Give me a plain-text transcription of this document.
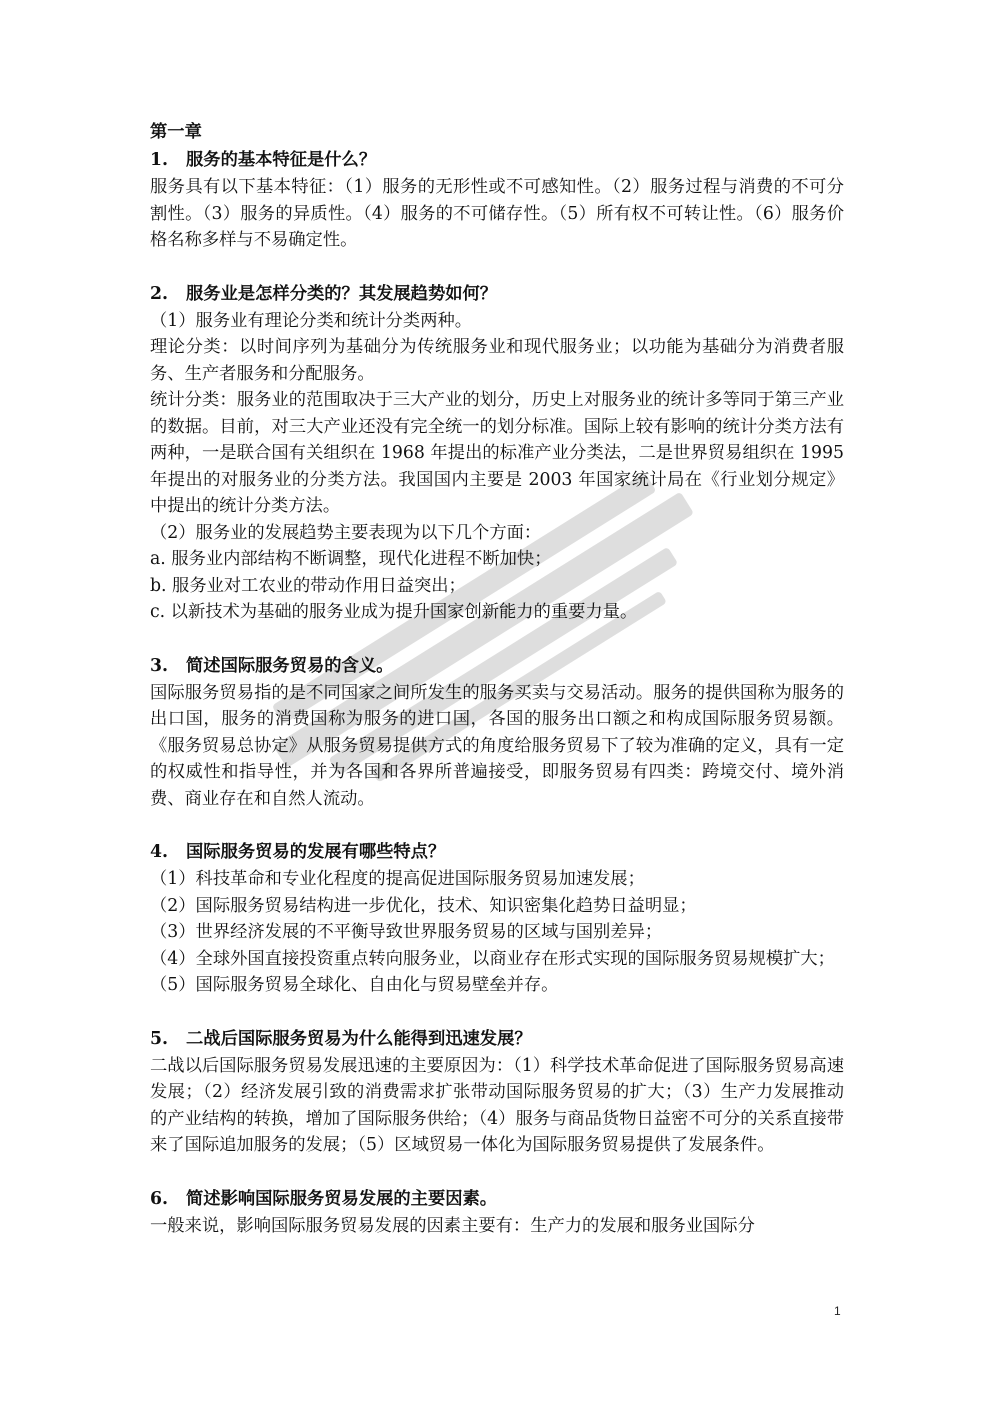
第一章

1. 服务的基本特征是什么？

服务具有以下基本特征：（1）服务的无形性或不可感知性。（2）服务过程与消费的不可分割性。（3）服务的异质性。（4）服务的不可储存性。（5）所有权不可转让性。（6）服务价格名称多样与不易确定性。

2. 服务业是怎样分类的？其发展趋势如何？

（1）服务业有理论分类和统计分类两种。

理论分类：以时间序列为基础分为传统服务业和现代服务业；以功能为基础分为消费者服务、生产者服务和分配服务。

统计分类：服务业的范围取决于三大产业的划分，历史上对服务业的统计多等同于第三产业的数据。目前，对三大产业还没有完全统一的划分标准。国际上较有影响的统计分类方法有两种，一是联合国有关组织在 1968 年提出的标准产业分类法，二是世界贸易组织在 1995 年提出的对服务业的分类方法。我国国内主要是 2003 年国家统计局在《行业划分规定》中提出的统计分类方法。

（2）服务业的发展趋势主要表现为以下几个方面：

a. 服务业内部结构不断调整，现代化进程不断加快；

b. 服务业对工农业的带动作用日益突出；

c. 以新技术为基础的服务业成为提升国家创新能力的重要力量。

3. 简述国际服务贸易的含义。

国际服务贸易指的是不同国家之间所发生的服务买卖与交易活动。服务的提供国称为服务的出口国，服务的消费国称为服务的进口国，各国的服务出口额之和构成国际服务贸易额。《服务贸易总协定》从服务贸易提供方式的角度给服务贸易下了较为准确的定义，具有一定的权威性和指导性，并为各国和各界所普遍接受，即服务贸易有四类：跨境交付、境外消费、商业存在和自然人流动。

4. 国际服务贸易的发展有哪些特点？

（1）科技革命和专业化程度的提高促进国际服务贸易加速发展；

（2）国际服务贸易结构进一步优化，技术、知识密集化趋势日益明显；

（3）世界经济发展的不平衡导致世界服务贸易的区域与国别差异；

（4）全球外国直接投资重点转向服务业，以商业存在形式实现的国际服务贸易规模扩大；

（5）国际服务贸易全球化、自由化与贸易壁垒并存。

5. 二战后国际服务贸易为什么能得到迅速发展？

二战以后国际服务贸易发展迅速的主要原因为：（1）科学技术革命促进了国际服务贸易高速发展；（2）经济发展引致的消费需求扩张带动国际服务贸易的扩大；（3）生产力发展推动的产业结构的转换，增加了国际服务供给；（4）服务与商品货物日益密不可分的关系直接带来了国际追加服务的发展；（5）区域贸易一体化为国际服务贸易提供了发展条件。

6. 简述影响国际服务贸易发展的主要因素。

一般来说，影响国际服务贸易发展的因素主要有：生产力的发展和服务业国际分

1
